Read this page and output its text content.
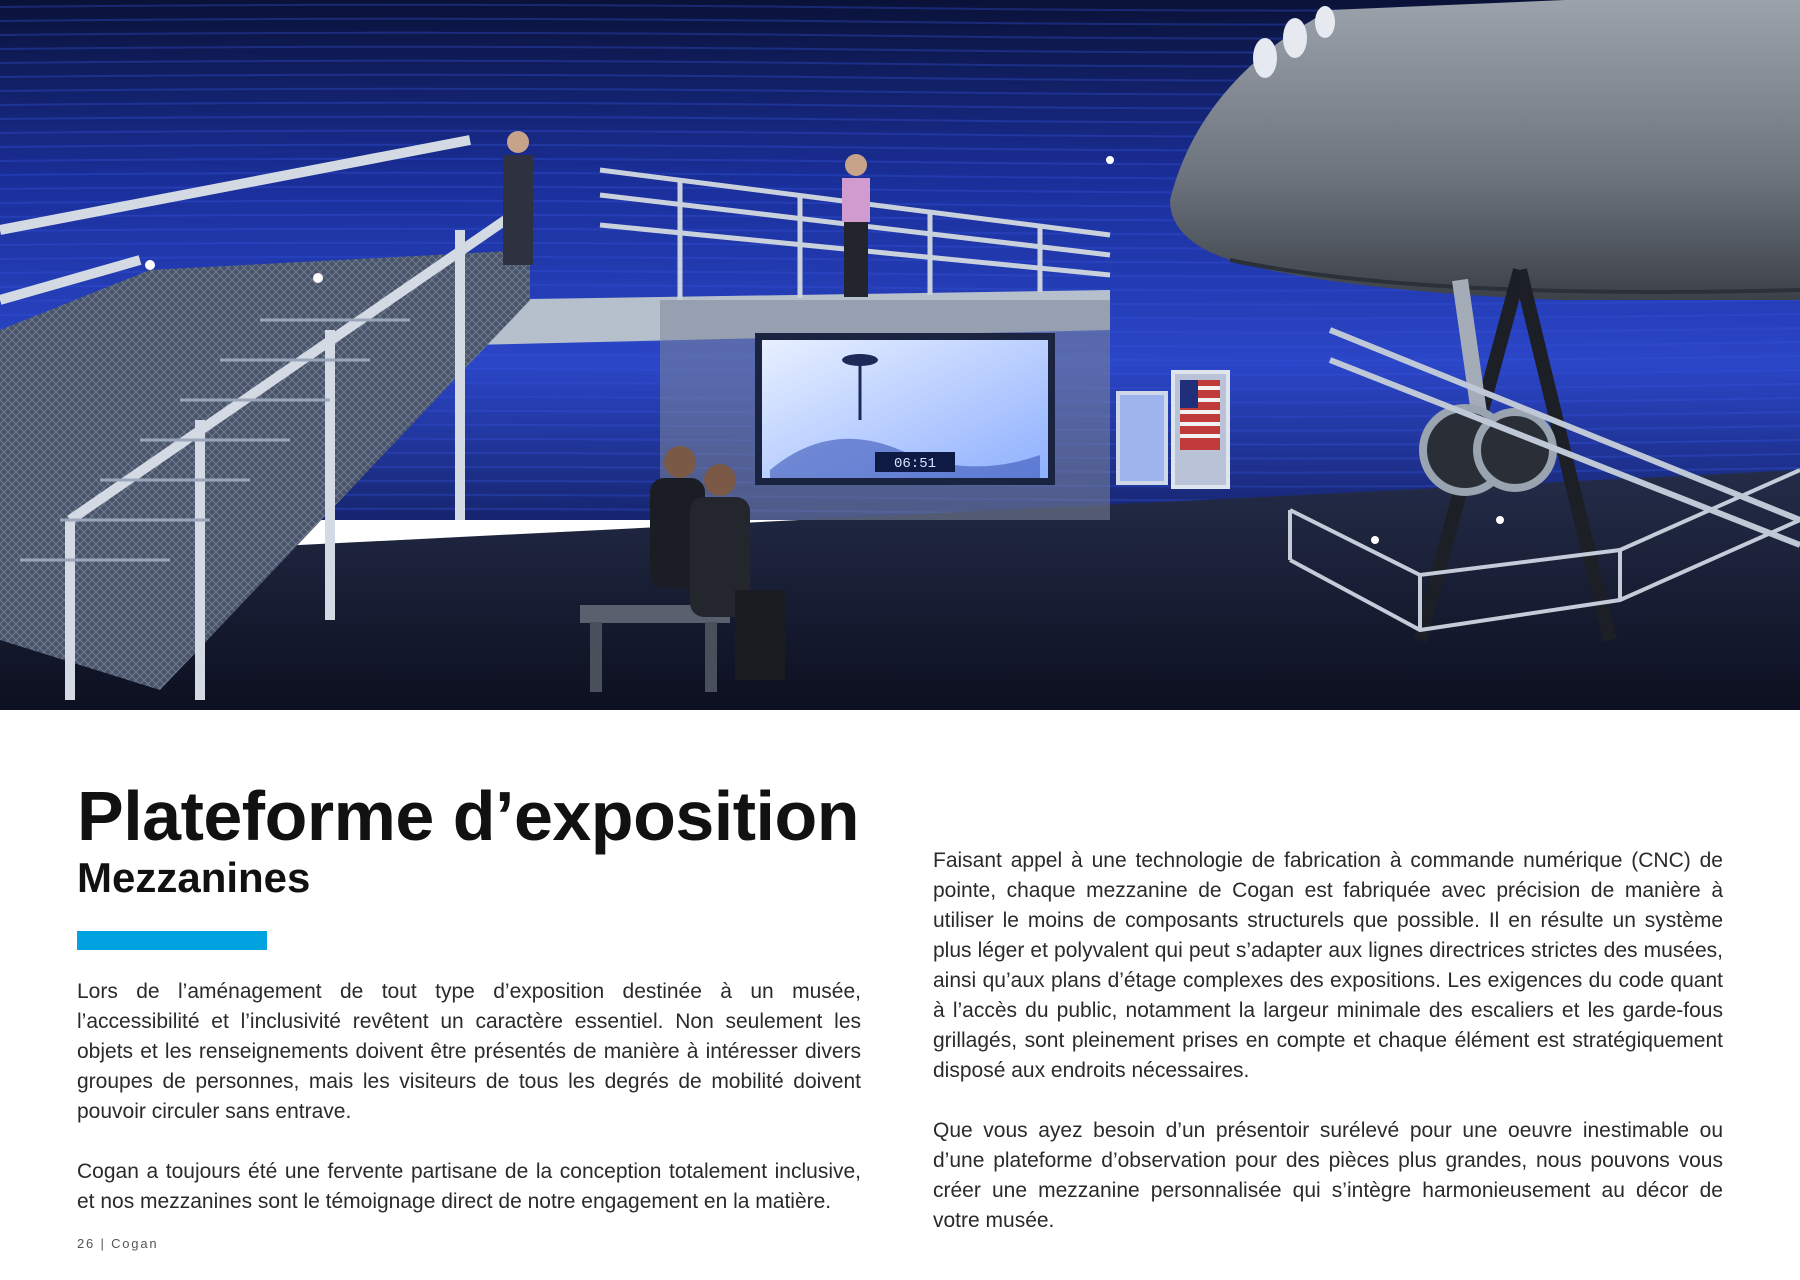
06:51
Plateforme d’exposition
Mezzanines

Lors de l’aménagement de tout type d’exposition destinée à un musée, l’accessibilité et l’inclusivité revêtent un caractère essentiel. Non seulement les objets et les renseignements doivent être présentés de manière à intéresser divers groupes de personnes, mais les visiteurs de tous les degrés de mobilité doivent pouvoir circuler sans entrave.

Cogan a toujours été une fervente partisane de la conception totalement inclusive, et nos mezzanines sont le témoignage direct de notre engagement en la matière.

Faisant appel à une technologie de fabrication à commande numérique (CNC) de pointe, chaque mezzanine de Cogan est fabriquée avec précision de manière à utiliser le moins de composants structurels que possible. Il en résulte un système plus léger et polyvalent qui peut s’adapter aux lignes directrices strictes des musées, ainsi qu’aux plans d’étage complexes des expositions. Les exigences du code quant à l’accès du public, notamment la largeur minimale des escaliers et les garde-fous grillagés, sont pleinement prises en compte et chaque élément est stratégiquement disposé aux endroits nécessaires.

Que vous ayez besoin d’un présentoir surélevé pour une oeuvre inestimable ou d’une plateforme d’observation pour des pièces plus grandes, nous pouvons vous créer une mezzanine personnalisée qui s’intègre harmonieusement au décor de votre musée.

26 | Cogan
